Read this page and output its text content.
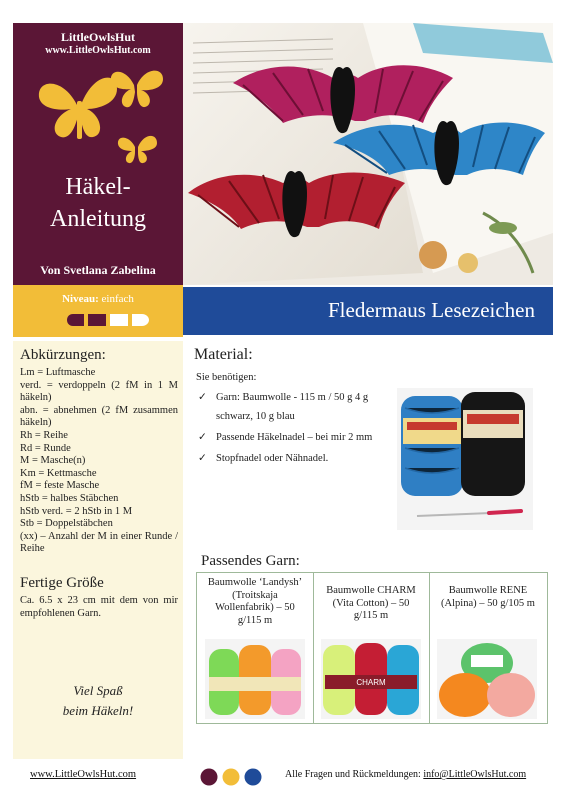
LittleOwlsHut
www.LittleOwlsHut.com
Häkel-
Anleitung
Von Svetlana Zabelina
Niveau: einfach	Fledermaus Lesezeichen
Abkürzungen:
Lm = Luftmasche
verd. = verdoppeln (2 fM in 1 M häkeln)
abn. = abnehmen (2 fM zusammen häkeln)
Rh = Reihe
Rd = Runde
M = Masche(n)
Km = Kettmasche
fM = feste Masche
hStb = halbes Stäbchen
hStb verd. = 2 hStb in 1 M
Stb = Doppelstäbchen
(xx) – Anzahl der M in einer Runde / Reihe
Fertige Größe
Ca. 6.5 x 23 cm mit dem von mir empfohlenen Garn.
Viel Spaß
beim Häkeln!
Material:
Sie benötigen:
✓ Garn: Baumwolle - 115 m / 50 g 4 g schwarz, 10 g blau
✓ Passende Häkelnadel – bei mir 2 mm
✓ Stopfnadel oder Nähnadel.
Passendes Garn:
Baumwolle ‘Landysh’ (Troitskaja Wollenfabrik) – 50 g/115 m
Baumwolle CHARM (Vita Cotton) – 50 g/115 m
CHARM
Baumwolle RENE (Alpina) – 50 g/105 m
www.LittleOwlsHut.com	Alle Fragen und Rückmeldungen: info@LittleOwlsHut.com
